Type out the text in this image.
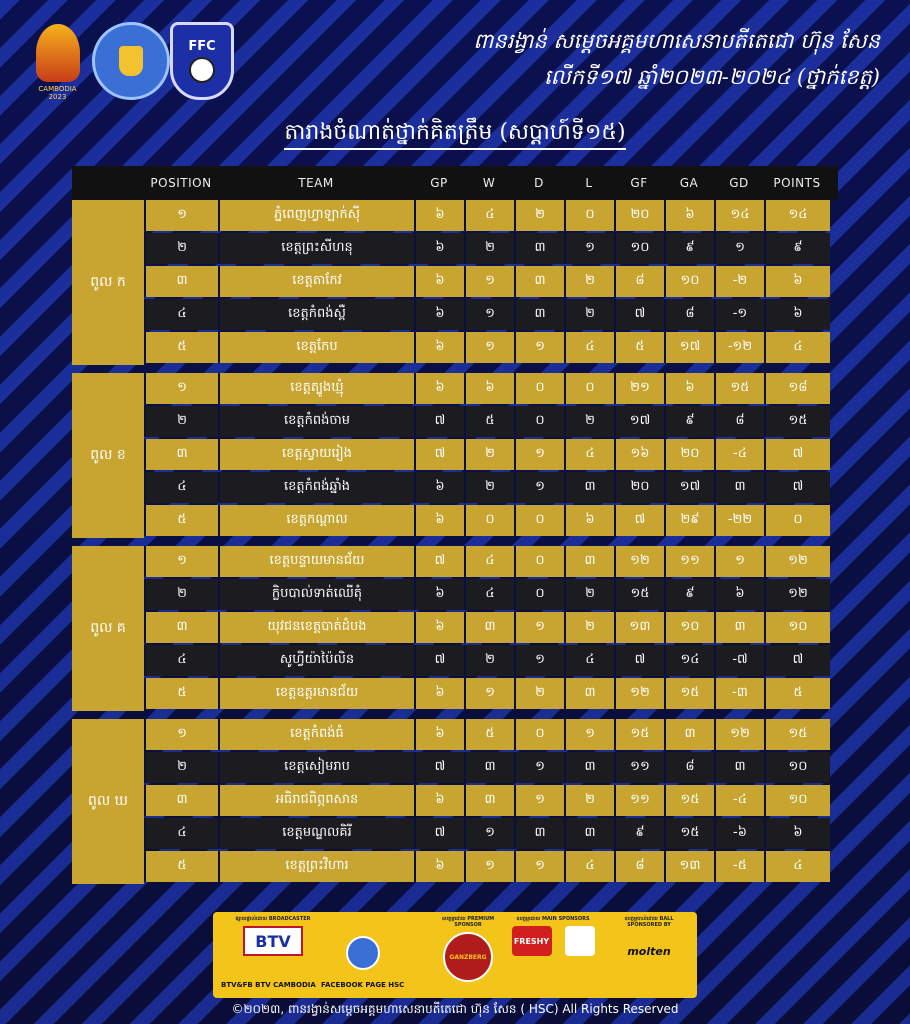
CAMBODIA 2023
FFC	ពានរង្វាន់ សម្តេចអគ្គមហាសេនាបតីតេជោ ហ៊ុន សែន
លើកទី១៧ ឆ្នាំ២០២៣-២០២៤ (ថ្នាក់ខេត្ត)
តារាងចំណាត់ថ្នាក់គិតត្រឹម (សប្តាហ៍ទី១៥)
POSITION	TEAM	GP	W	D	L	GF	GA	GD	POINTS
ពូល ក
១	ភ្នំពេញហ្វាឡាក់ស៊ី	៦	៤	២	០	២០	៦	១៤	១៤
២	ខេត្តព្រះសីហនុ	៦	២	៣	១	១០	៩	១	៩
៣	ខេត្តតាកែវ	៦	១	៣	២	៨	១០	-២	៦
៤	ខេត្តកំពង់ស្ពឺ	៦	១	៣	២	៧	៨	-១	៦
៥	ខេត្តកែប	៦	១	១	៤	៥	១៧	-១២	៤
ពូល ខ
១	ខេត្តត្បូងឃ្មុំ	៦	៦	០	០	២១	៦	១៥	១៨
២	ខេត្តកំពង់ចាម	៧	៥	០	២	១៧	៩	៨	១៥
៣	ខេត្តស្វាយរៀង	៧	២	១	៤	១៦	២០	-៤	៧
៤	ខេត្តកំពង់ឆ្នាំង	៦	២	១	៣	២០	១៧	៣	៧
៥	ខេត្តកណ្តាល	៦	០	០	៦	៧	២៩	-២២	០
ពូល គ
១	ខេត្តបន្ទាយមានជ័យ	៧	៤	០	៣	១២	១១	១	១២
២	ក្លិបបាល់ទាត់ឈើតុំ	៦	៤	០	២	១៥	៩	៦	១២
៣	យុវជនខេត្តបាត់ដំបង	៦	៣	១	២	១៣	១០	៣	១០
៤	សូហ្វីយ៉ាប៉ៃលិន	៧	២	១	៤	៧	១៤	-៧	៧
៥	ខេត្តឧត្តរមានជ័យ	៦	១	២	៣	១២	១៥	-៣	៥
ពូល ឃ
១	ខេត្តកំពង់ធំ	៦	៥	០	១	១៥	៣	១២	១៥
២	ខេត្តសៀមរាប	៧	៣	១	៣	១១	៨	៣	១០
៣	អធិរាជពិព្ភពសាន	៦	៣	១	២	១១	១៥	-៤	១០
៤	ខេត្តមណ្ឌលគិរី	៧	១	៣	៣	៩	១៥	-៦	៦
៥	ខេត្តព្រះវិហារ	៦	១	១	៤	៨	១៣	-៥	៤
ផ្សាយផ្ទាល់ដោយ BROADCASTER
BTV
ឧបត្ថម្ភដោយ PREMIUM SPONSOR
GANZBERG
ឧបត្ថម្ភដោយ MAIN SPONSORS
FRESHY
ឧបត្ថម្ភបាល់ដោយ BALL SPONSORED BY
molten
BTV&FB BTV CAMBODIA FACEBOOK PAGE HSC
©២០២៣, ពានរង្វាន់សម្តេចអគ្គមហាសេនាបតីតេជោ ហ៊ុន សែន ( HSC) All Rights Reserved
